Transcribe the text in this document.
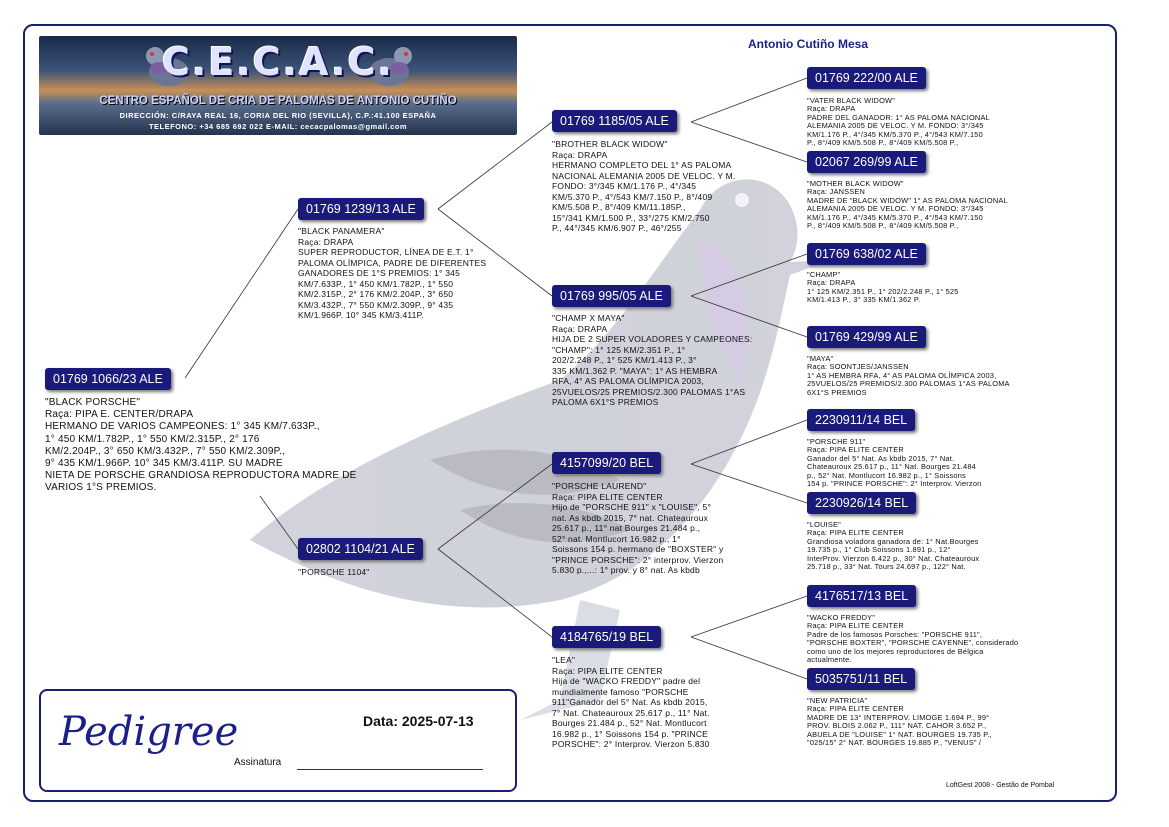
C.E.C.A.C.
CENTRO ESPAÑOL DE CRIA DE PALOMAS DE ANTONIO CUTIÑO
DIRECCIÓN: C/RAYA REAL 16, CORIA DEL RIO (SEVILLA), C.P.:41.100 ESPAÑA
TELEFONO: +34 685 692 022 E-MAIL: cecacpalomas@gmail.com
Antonio Cutiño Mesa
01769 1066/23 ALE
"BLACK PORSCHE"
Raça: PIPA E. CENTER/DRAPA
HERMANO DE VARIOS CAMPEONES: 1° 345 KM/7.633P.,
1° 450 KM/1.782P., 1° 550 KM/2.315P., 2° 176
KM/2.204P., 3° 650 KM/3.432P., 7° 550 KM/2.309P.,
9° 435 KM/1.966P. 10° 345 KM/3.411P. SU MADRE
NIETA DE PORSCHE GRANDIOSA REPRODUCTORA MADRE DE
VARIOS 1°S PREMIOS.
01769 1239/13 ALE
"BLACK PANAMERA"
Raça: DRAPA
SUPER REPRODUCTOR, LÍNEA DE E.T. 1°
PALOMA OLÍMPICA, PADRE DE DIFERENTES
GANADORES DE 1°S PREMIOS: 1° 345
KM/7.633P., 1° 450 KM/1.782P., 1° 550
KM/2.315P., 2° 176 KM/2.204P., 3° 650
KM/3.432P., 7° 550 KM/2.309P., 9° 435
KM/1.966P. 10° 345 KM/3.411P.
02802 1104/21 ALE
"PORSCHE 1104"
01769 1185/05 ALE
"BROTHER BLACK WIDOW"
Raça: DRAPA
HERMANO COMPLETO DEL 1° AS PALOMA
NACIONAL ALEMANIA 2005 DE VELOC. Y M.
FONDO: 3°/345 KM/1.176 P., 4°/345
KM/5.370 P., 4°/543 KM/7.150 P., 8°/409
KM/5.508 P., 8°/409 KM/11.185P.,
15°/341 KM/1.500 P., 33°/275 KM/2.750
P., 44°/345 KM/6.907 P., 46°/255
01769 995/05 ALE
"CHAMP X MAYA"
Raça: DRAPA
HIJA DE 2 SUPER VOLADORES Y CAMPEONES:
"CHAMP": 1° 125 KM/2.351 P., 1°
202/2.248 P., 1° 525 KM/1.413 P., 3°
335 KM/1.362 P. "MAYA": 1° AS HEMBRA
RFA, 4° AS PALOMA OLÍMPICA 2003,
25VUELOS/25 PREMIOS/2.300 PALOMAS 1°AS
PALOMA 6X1°S PREMIOS
4157099/20 BEL
"PORSCHE LAUREND"
Raça: PIPA ELITE CENTER
Hijo de "PORSCHE 911" x "LOUISE", 5°
nat. As kbdb 2015, 7° nat. Chateauroux
25.617 p., 11° nat Bourges 21.484 p.,
52° nat. Montlucort 16.982 p., 1°
Soissons 154 p. hermano de "BOXSTER" y
"PRINCE PORSCHE": 2° interprov. Vierzon
5.830 p.,...: 1° prov. y 8° nat. As kbdb
4184765/19 BEL
"LEA"
Raça: PIPA ELITE CENTER
Hija de "WACKO FREDDY" padre del
mundialmente famoso "PORSCHE
911"Ganador del 5° Nat. As kbdb 2015,
7° Nat. Chateauroux 25.617 p., 11° Nat.
Bourges 21.484 p., 52° Nat. Montlucort
16.982 p., 1° Soissons 154 p. "PRINCE
PORSCHE": 2° Interprov. Vierzon 5.830
01769 222/00 ALE
"VATER BLACK WIDOW"
Raça: DRAPA
PADRE DEL GANADOR: 1° AS PALOMA NACIONAL
ALEMANIA 2005 DE VELOC. Y M. FONDO: 3°/345
KM/1.176 P., 4°/345 KM/5.370 P., 4°/543 KM/7.150
P., 8°/409 KM/5.508 P., 8°/409 KM/5.508 P.,
02067 269/99 ALE
"MOTHER BLACK WIDOW"
Raça: JANSSEN
MADRE DE "BLACK WIDOW" 1° AS PALOMA NACIONAL
ALEMANIA 2005 DE VELOC. Y M. FONDO: 3°/345
KM/1.176 P., 4°/345 KM/5.370 P., 4°/543 KM/7.150
P., 8°/409 KM/5.508 P., 8°/409 KM/5.508 P.,
01769 638/02 ALE
"CHAMP"
Raça: DRAPA
1° 125 KM/2.351 P., 1° 202/2.248 P., 1° 525
KM/1.413 P., 3° 335 KM/1.362 P.
01769 429/99 ALE
"MAYA"
Raça: SOONTJES/JANSSEN
1° AS HEMBRA RFA, 4° AS PALOMA OLÍMPICA 2003,
25VUELOS/25 PREMIOS/2.300 PALOMAS 1°AS PALOMA
6X1°S PREMIOS
2230911/14 BEL
"PORSCHE 911"
Raça: PIPA ELITE CENTER
Ganador del 5° Nat. As kbdb 2015, 7° Nat.
Chateauroux 25.617 p., 11° Nat. Bourges 21.484
p., 52° Nat. Montlucort 16.982 p., 1° Soissons
154 p. "PRINCE PORSCHE": 2° Interprov. Vierzon
2230926/14 BEL
"LOUISE"
Raça: PIPA ELITE CENTER
Grandiosa voladora ganadora de: 1° Nat.Bourges
19.735 p., 1° Club Soissons 1.891 p., 12°
InterProv. Vierzon 6.422 p., 30° Nat. Chateauroux
25.718 p., 33° Nat. Tours 24.697 p., 122° Nat.
4176517/13 BEL
"WACKO FREDDY"
Raça: PIPA ELITE CENTER
Padre de los famosos Porsches: "PORSCHE 911",
"PORSCHE BOXTER", "PORSCHE CAYENNE", considerado
como uno de los mejores reproductores de Bélgica
actualmente.
5035751/11 BEL
"NEW PATRICIA"
Raça: PIPA ELITE CENTER
MADRE DE 13° INTERPROV. LIMOGE 1.694 P., 99°
PROV. BLOIS 2.062 P., 111° NAT. CAHOR 3.652 P.,
ABUELA DE "LOUISE" 1° NAT. BOURGES 19.735 P.,
"025/15" 2° NAT. BOURGES 19.885 P., "VENUS" /
Pedigree	Data: 2025-07-13
Assinatura
LoftGest 2008 - Gestão de Pombal
